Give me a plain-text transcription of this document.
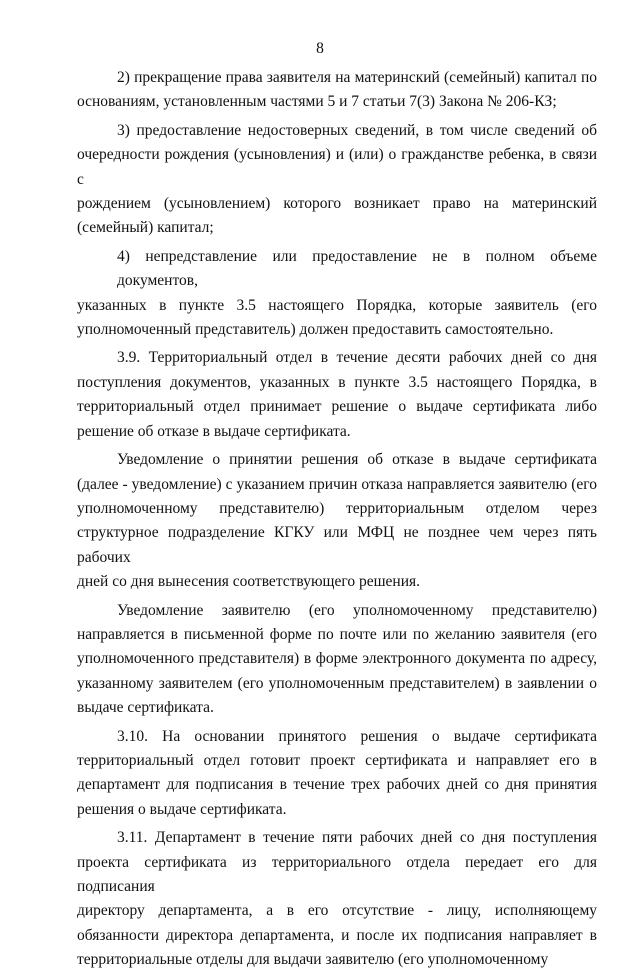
8
2) прекращение права заявителя на материнский (семейный) капитал по
основаниям, установленным частями 5 и 7 статьи 7(3) Закона № 206-КЗ;
3) предоставление недостоверных сведений, в том числе сведений об
очередности рождения (усыновления) и (или) о гражданстве ребенка, в связи с
рождением (усыновлением) которого возникает право на материнский
(семейный) капитал;
4) непредставление или предоставление не в полном объеме документов,
указанных в пункте 3.5 настоящего Порядка, которые заявитель (его
уполномоченный представитель) должен предоставить самостоятельно.
3.9. Территориальный отдел в течение десяти рабочих дней со дня
поступления документов, указанных в пункте 3.5 настоящего Порядка, в
территориальный отдел принимает решение о выдаче сертификата либо
решение об отказе в выдаче сертификата.
Уведомление о принятии решения об отказе в выдаче сертификата
(далее - уведомление) с указанием причин отказа направляется заявителю (его
уполномоченному представителю) территориальным отделом через
структурное подразделение КГКУ или МФЦ не позднее чем через пять рабочих
дней со дня вынесения соответствующего решения.
Уведомление заявителю (его уполномоченному представителю)
направляется в письменной форме по почте или по желанию заявителя (его
уполномоченного представителя) в форме электронного документа по адресу,
указанному заявителем (его уполномоченным представителем) в заявлении о
выдаче сертификата.
3.10. На основании принятого решения о выдаче сертификата
территориальный отдел готовит проект сертификата и направляет его в
департамент для подписания в течение трех рабочих дней со дня принятия
решения о выдаче сертификата.
3.11. Департамент в течение пяти рабочих дней со дня поступления
проекта сертификата из территориального отдела передает его для подписания
директору департамента, а в его отсутствие - лицу, исполняющему
обязанности директора департамента, и после их подписания направляет в
территориальные отделы для выдачи заявителю (его уполномоченному
